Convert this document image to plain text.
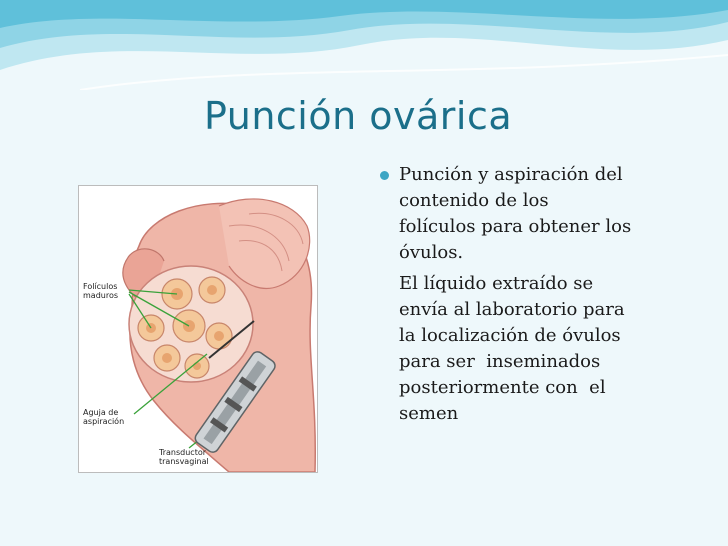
Punción ovárica
Folículos
maduros
Aguja de
aspiración
Transductor
transvaginal
Punción y aspiración del
contenido de los
folículos para obtener los
óvulos.
El líquido extraído se
envía al laboratorio para
la localización de óvulos
para ser  inseminados
posteriormente con  el
semen
